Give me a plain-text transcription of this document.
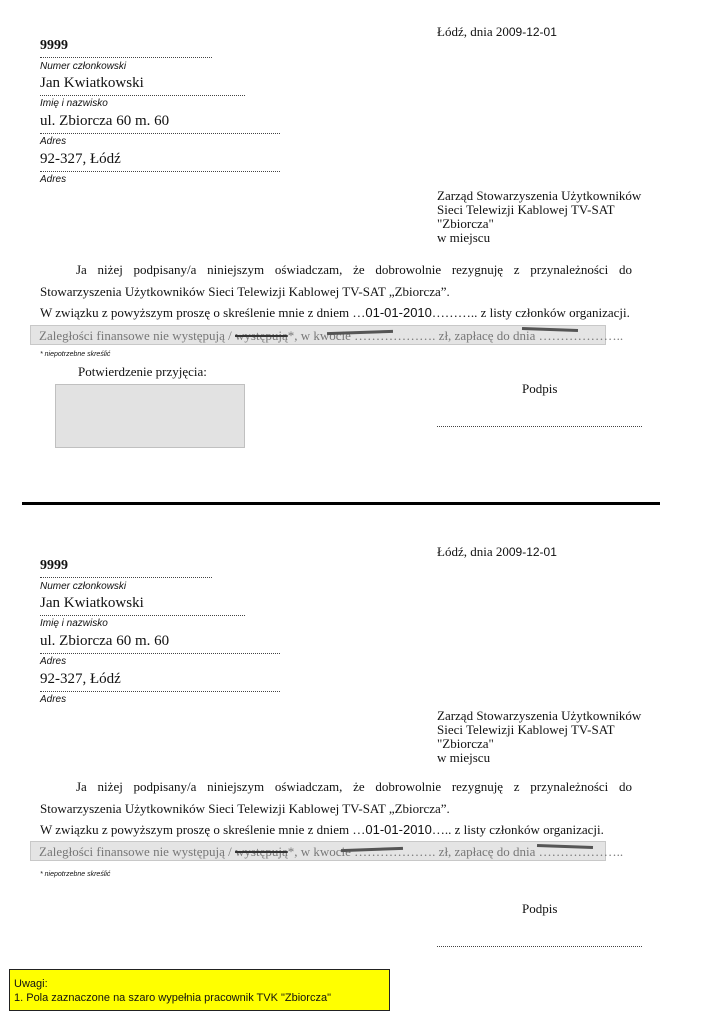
Łódź, dnia 2009-12-01
9999
Numer członkowski
Jan Kwiatkowski
Imię i nazwisko
ul. Zbiorcza 60 m. 60
Adres
92-327, Łódź
Adres
Zarząd Stowarzyszenia Użytkowników
Sieci Telewizji Kablowej TV-SAT
"Zbiorcza"
w miejscu
Ja niżej podpisany/a niniejszym oświadczam, że dobrowolnie rezygnuję z przynależności do
Stowarzyszenia Użytkowników Sieci Telewizji Kablowej TV-SAT „Zbiorcza”.
W związku z powyższym proszę o skreślenie mnie z dniem …01-01-2010……….. z listy członków organizacji.
Zaległości finansowe nie występują / występują*, w kwocie ………………. zł, zapłacę do dnia ………………..
* niepotrzebne skreślić
Potwierdzenie przyjęcia:
Podpis
Łódź, dnia 2009-12-01
9999
Numer członkowski
Jan Kwiatkowski
Imię i nazwisko
ul. Zbiorcza 60 m. 60
Adres
92-327, Łódź
Adres
Zarząd Stowarzyszenia Użytkowników
Sieci Telewizji Kablowej TV-SAT
"Zbiorcza"
w miejscu
Ja niżej podpisany/a niniejszym oświadczam, że dobrowolnie rezygnuję z przynależności do
Stowarzyszenia Użytkowników Sieci Telewizji Kablowej TV-SAT „Zbiorcza”.
W związku z powyższym proszę o skreślenie mnie z dniem …01-01-2010….. z listy członków organizacji.
Zaległości finansowe nie występują / występują*, w kwocie ………………. zł, zapłacę do dnia ………………..
* niepotrzebne skreślić
Podpis
Uwagi:
1. Pola zaznaczone na szaro wypełnia pracownik TVK "Zbiorcza"
